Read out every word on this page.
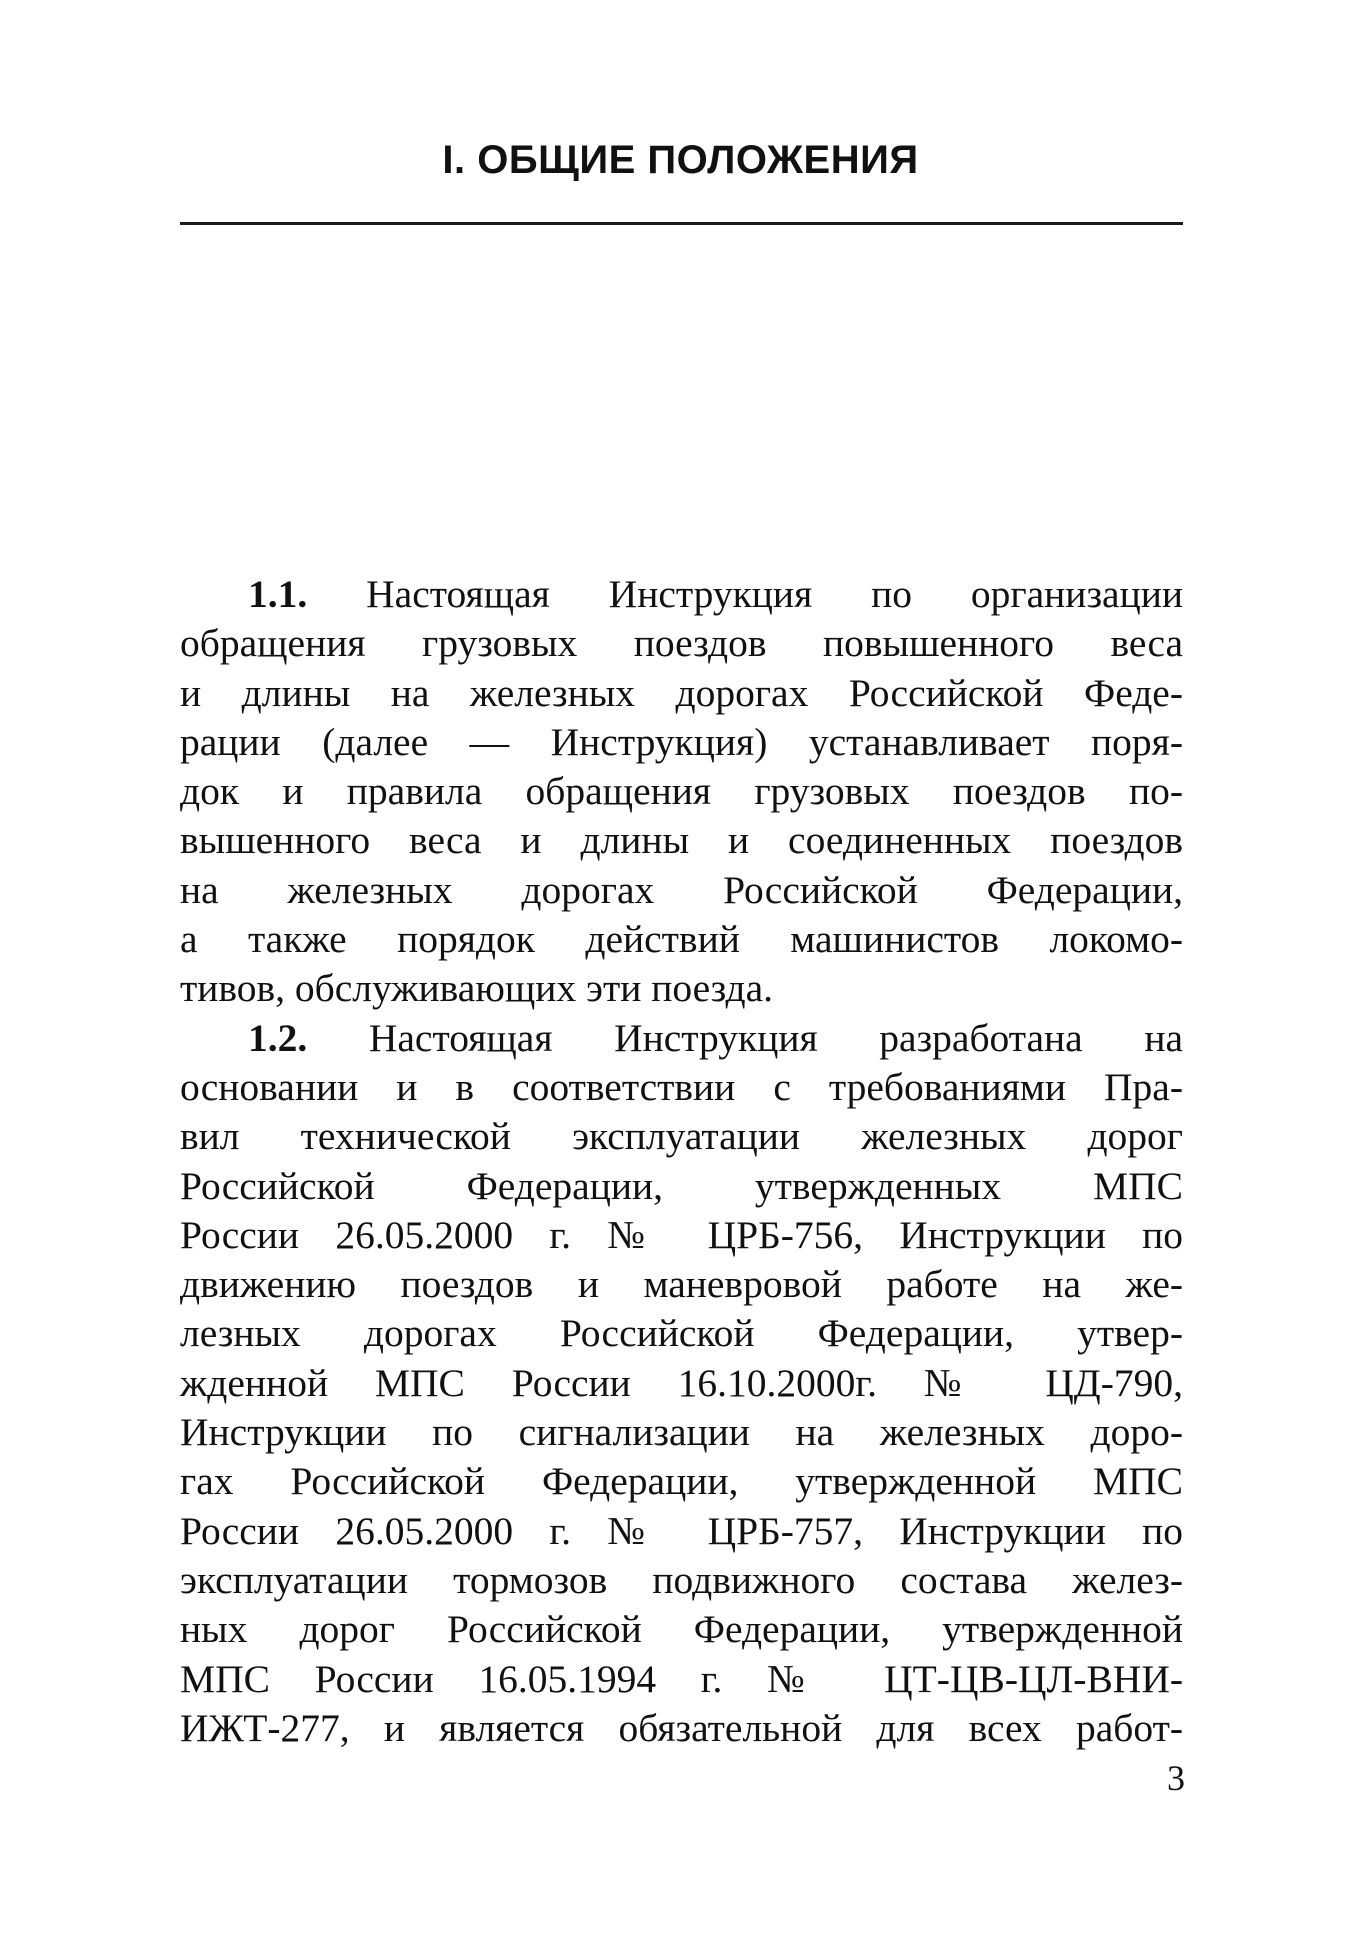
I. ОБЩИЕ ПОЛОЖЕНИЯ
1.1. Настоящая Инструкция по организации
обращения грузовых поездов повышенного веса
и длины на железных дорогах Российской Феде-
рации (далее — Инструкция) устанавливает поря-
док и правила обращения грузовых поездов по-
вышенного веса и длины и соединенных поездов
на железных дорогах Российской Федерации,
а также порядок действий машинистов локомо-
тивов, обслуживающих эти поезда.
1.2. Настоящая Инструкция разработана на
основании и в соответствии с требованиями Пра-
вил технической эксплуатации железных дорог
Российской Федерации, утвержденных МПС
России 26.05.2000 г. № ЦРБ-756, Инструкции по
движению поездов и маневровой работе на же-
лезных дорогах Российской Федерации, утвер-
жденной МПС России 16.10.2000г. № ЦД-790,
Инструкции по сигнализации на железных доро-
гах Российской Федерации, утвержденной МПС
России 26.05.2000 г. № ЦРБ-757, Инструкции по
эксплуатации тормозов подвижного состава желез-
ных дорог Российской Федерации, утвержденной
МПС России 16.05.1994 г. № ЦТ-ЦВ-ЦЛ-ВНИ-
ИЖТ-277, и является обязательной для всех работ-
3
